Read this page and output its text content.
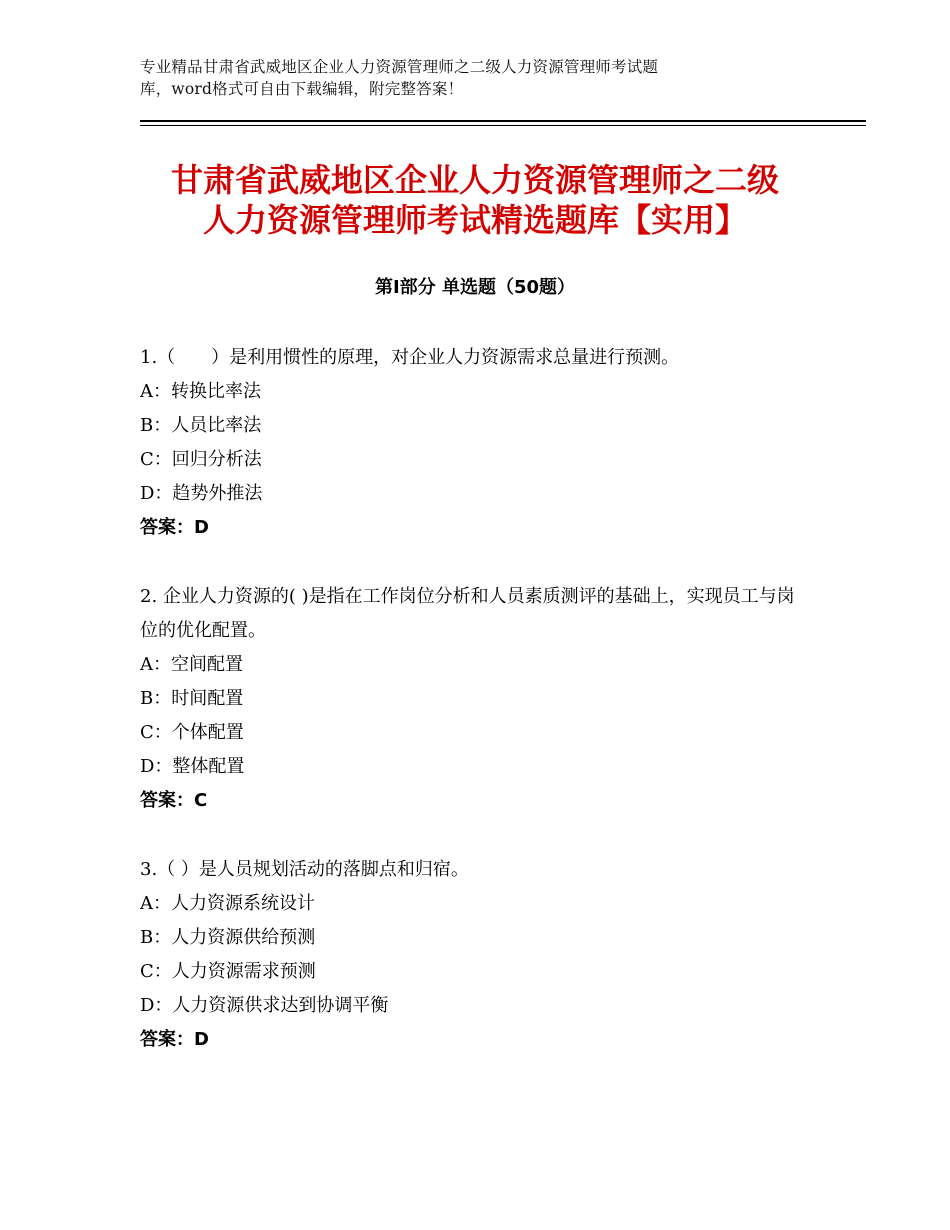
专业精品甘肃省武威地区企业人力资源管理师之二级人力资源管理师考试题
库，word格式可自由下载编辑，附完整答案！
甘肃省武威地区企业人力资源管理师之二级
人力资源管理师考试精选题库【实用】
第Ⅰ部分 单选题（50题）

1.（　　）是利用惯性的原理，对企业人力资源需求总量进行预测。

A：转换比率法

B：人员比率法

C：回归分析法

D：趋势外推法

答案：D

2. 企业人力资源的( )是指在工作岗位分析和人员素质测评的基础上，实现员工与岗位的优化配置。

A：空间配置

B：时间配置

C：个体配置

D：整体配置

答案：C

3.（ ）是人员规划活动的落脚点和归宿。

A：人力资源系统设计

B：人力资源供给预测

C：人力资源需求预测

D：人力资源供求达到协调平衡

答案：D
